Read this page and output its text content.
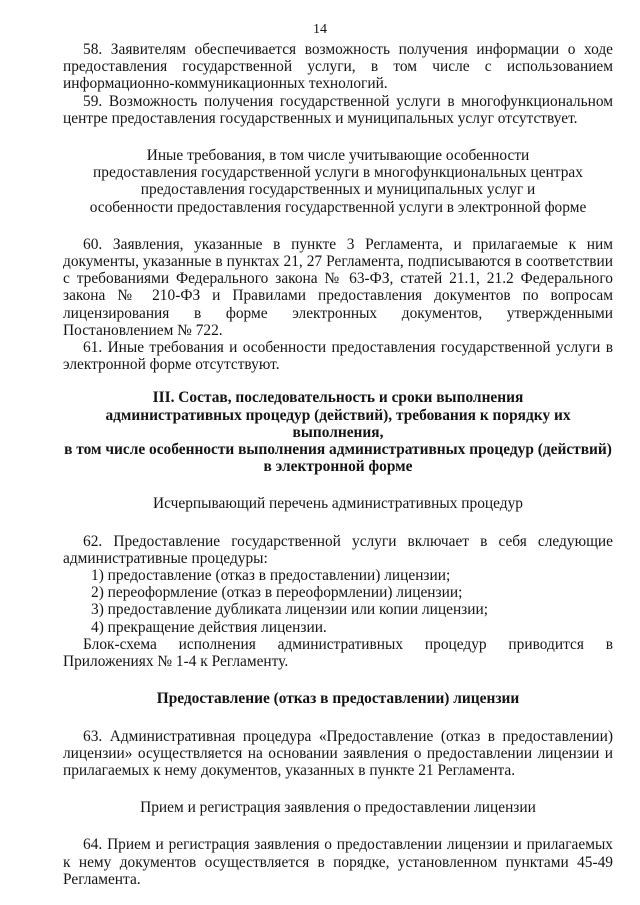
14

58. Заявителям обеспечивается возможность получения информации о ходе предоставления государственной услуги, в том числе с использованием информационно-коммуникационных технологий.

59. Возможность получения государственной услуги в многофункциональном центре предоставления государственных и муниципальных услуг отсутствует.

Иные требования, в том числе учитывающие особенности

предоставления государственной услуги в многофункциональных центрах

предоставления государственных и муниципальных услуг и

особенности предоставления государственной услуги в электронной форме

60. Заявления, указанные в пункте 3 Регламента, и прилагаемые к ним документы, указанные в пунктах 21, 27 Регламента, подписываются в соответствии с требованиями Федерального закона № 63-ФЗ, статей 21.1, 21.2 Федерального закона № 210-ФЗ и Правилами предоставления документов по вопросам лицензирования в форме электронных документов, утвержденными Постановлением № 722.

61. Иные требования и особенности предоставления государственной услуги в электронной форме отсутствуют.

III. Состав, последовательность и сроки выполнения

административных процедур (действий), требования к порядку их выполнения,

в том числе особенности выполнения административных процедур (действий)

в электронной форме

Исчерпывающий перечень административных процедур

62. Предоставление государственной услуги включает в себя следующие административные процедуры:

1) предоставление (отказ в предоставлении) лицензии;

2) переоформление (отказ в переоформлении) лицензии;

3) предоставление дубликата лицензии или копии лицензии;

4) прекращение действия лицензии.

Блок-схема исполнения административных процедур приводится в Приложениях № 1-4 к Регламенту.

Предоставление (отказ в предоставлении) лицензии

63. Административная процедура «Предоставление (отказ в предоставлении) лицензии» осуществляется на основании заявления о предоставлении лицензии и прилагаемых к нему документов, указанных в пункте 21 Регламента.

Прием и регистрация заявления о предоставлении лицензии

64. Прием и регистрация заявления о предоставлении лицензии и прилагаемых к нему документов осуществляется в порядке, установленном пунктами 45-49 Регламента.
